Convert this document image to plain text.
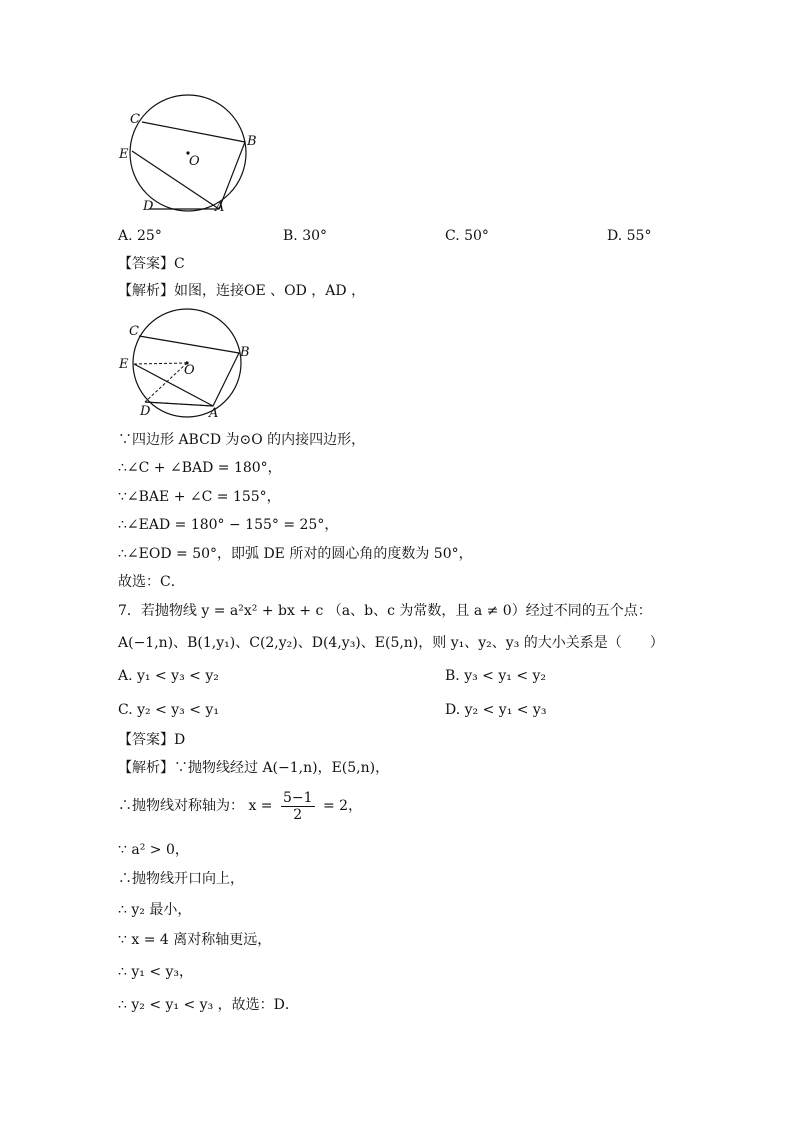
C
B
E	O
D	A
A. 25°	B. 30°	C. 50°	D. 55°
【答案】C
【解析】如图，连接OE 、OD ，AD ，
C
B
E	O
D	A
∵四边形 ABCD 为⊙O 的内接四边形，
∴∠C + ∠BAD = 180°，
∵∠BAE + ∠C = 155°，
∴∠EAD = 180° − 155° = 25°，
∴∠EOD = 50°，即弧 DE 所对的圆心角的度数为 50°，
故选：C．
7．若抛物线 y = a²x² + bx + c （a、b、c 为常数，且 a ≠ 0）经过不同的五个点：
A(−1,n)、B(1,y₁)、C(2,y₂)、D(4,y₃)、E(5,n)，则 y₁、y₂、y₃ 的大小关系是（　　）
A. y₁ < y₃ < y₂	B. y₃ < y₁ < y₂
C. y₂ < y₃ < y₁	D. y₂ < y₁ < y₃
【答案】D
【解析】∵抛物线经过 A(−1,n)，E(5,n)，
∴抛物线对称轴为： $x = \frac{5-1}{2} = 2$，
∵ a² > 0，
∴抛物线开口向上，
∴ y₂ 最小，
∵ x = 4 离对称轴更远，
∴ y₁ < y₃，
∴ y₂ < y₁ < y₃ ，故选：D．
